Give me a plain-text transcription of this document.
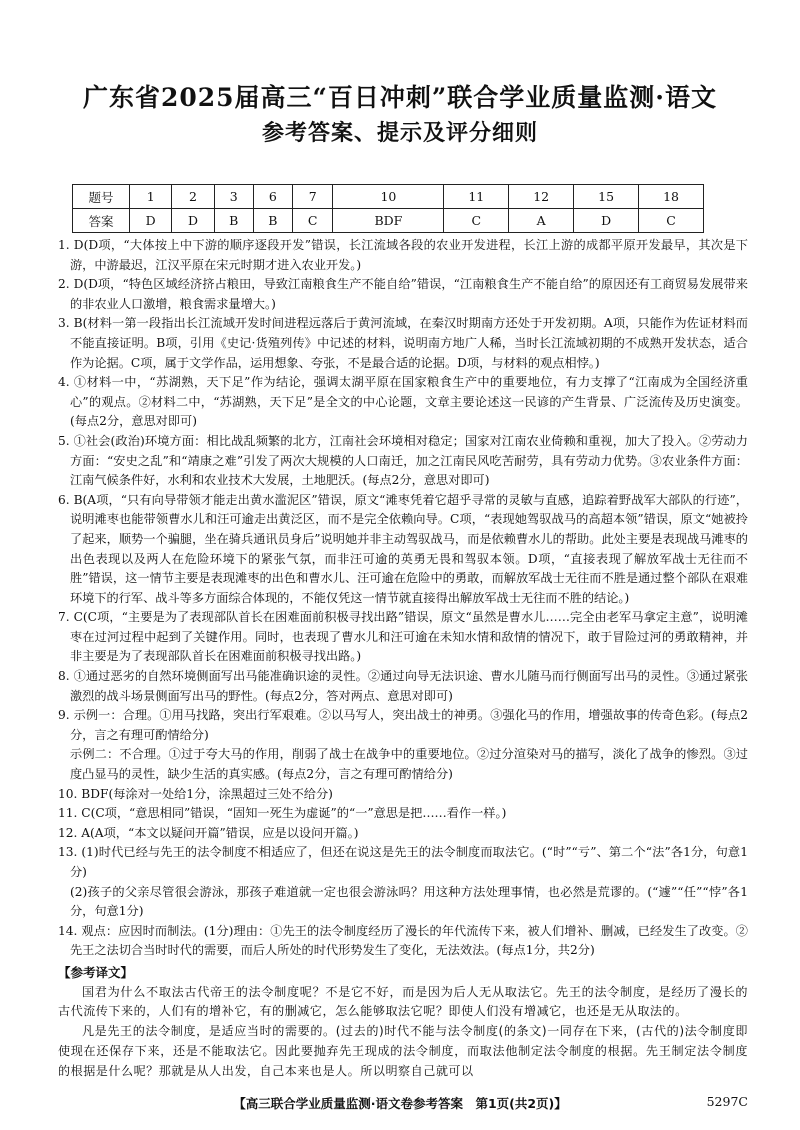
广东省2025届高三“百日冲刺”联合学业质量监测·语文
参考答案、提示及评分细则
题号	1	2	3	6	7	10	11	12	15	18
答案	D	D	B	B	C	BDF	C	A	D	C

1. D(D项，“大体按上中下游的顺序逐段开发”错误，长江流域各段的农业开发进程，长江上游的成都平原开发最早，其次是下游，中游最迟，江汉平原在宋元时期才进入农业开发。)

2. D(D项，“特色区域经济挤占粮田，导致江南粮食生产不能自给”错误，“江南粮食生产不能自给”的原因还有工商贸易发展带来的非农业人口激增，粮食需求量增大。)

3. B(材料一第一段指出长江流域开发时间进程远落后于黄河流域，在秦汉时期南方还处于开发初期。A项，只能作为佐证材料而不能直接证明。B项，引用《史记·货殖列传》中记述的材料，说明南方地广人稀，当时长江流域初期的不成熟开发状态，适合作为论据。C项，属于文学作品，运用想象、夸张，不是最合适的论据。D项，与材料的观点相悖。)

4. ①材料一中，“苏湖熟，天下足”作为结论，强调太湖平原在国家粮食生产中的重要地位，有力支撑了“江南成为全国经济重心”的观点。②材料二中，“苏湖熟，天下足”是全文的中心论题，文章主要论述这一民谚的产生背景、广泛流传及历史演变。(每点2分，意思对即可)

5. ①社会(政治)环境方面：相比战乱频繁的北方，江南社会环境相对稳定；国家对江南农业倚赖和重视，加大了投入。②劳动力方面：“安史之乱”和“靖康之难”引发了两次大规模的人口南迁，加之江南民风吃苦耐劳，具有劳动力优势。③农业条件方面：江南气候条件好，水利和农业技术大发展，土地肥沃。(每点2分，意思对即可)

6. B(A项，“只有向导带领才能走出黄水滥泥区”错误，原文“滩枣凭着它超乎寻常的灵敏与直感，追踪着野战军大部队的行迹”，说明滩枣也能带领曹水儿和汪可逾走出黄泛区，而不是完全依赖向导。C项，“表现她驾驭战马的高超本领”错误，原文“她被拎了起来，顺势一个骗腿，坐在骑兵通讯员身后”说明她并非主动驾驭战马，而是依赖曹水儿的帮助。此处主要是表现战马滩枣的出色表现以及两人在危险环境下的紧张气氛，而非汪可逾的英勇无畏和驾驭本领。D项，“直接表现了解放军战士无往而不胜”错误，这一情节主要是表现滩枣的出色和曹水儿、汪可逾在危险中的勇敢，而解放军战士无往而不胜是通过整个部队在艰难环境下的行军、战斗等多方面综合体现的，不能仅凭这一情节就直接得出解放军战士无往而不胜的结论。)

7. C(C项，“主要是为了表现部队首长在困难面前积极寻找出路”错误，原文“虽然是曹水儿……完全由老军马拿定主意”，说明滩枣在过河过程中起到了关键作用。同时，也表现了曹水儿和汪可逾在未知水情和敌情的情况下，敢于冒险过河的勇敢精神，并非主要是为了表现部队首长在困难面前积极寻找出路。)

8. ①通过恶劣的自然环境侧面写出马能准确识途的灵性。②通过向导无法识途、曹水儿随马而行侧面写出马的灵性。③通过紧张激烈的战斗场景侧面写出马的野性。(每点2分，答对两点、意思对即可)

9. 示例一：合理。①用马找路，突出行军艰难。②以马写人，突出战士的神勇。③强化马的作用，增强故事的传奇色彩。(每点2分，言之有理可酌情给分)

示例二：不合理。①过于夸大马的作用，削弱了战士在战争中的重要地位。②过分渲染对马的描写，淡化了战争的惨烈。③过度凸显马的灵性，缺少生活的真实感。(每点2分，言之有理可酌情给分)

10. BDF(每涂对一处给1分，涂黑超过三处不给分)

11. C(C项，“意思相同”错误，“固知一死生为虚诞”的“一”意思是把……看作一样。)

12. A(A项，“本文以疑问开篇”错误，应是以设问开篇。)

13. (1)时代已经与先王的法令制度不相适应了，但还在说这是先王的法令制度而取法它。(“时”“亏”、第二个“法”各1分，句意1分)

(2)孩子的父亲尽管很会游泳，那孩子难道就一定也很会游泳吗？用这种方法处理事情，也必然是荒谬的。(“遽”“任”“悖”各1分，句意1分)

14. 观点：应因时而制法。(1分)理由：①先王的法令制度经历了漫长的年代流传下来，被人们增补、删减，已经发生了改变。②先王之法切合当时时代的需要，而后人所处的时代形势发生了变化，无法效法。(每点1分，共2分)

【参考译文】

国君为什么不取法古代帝王的法令制度呢？不是它不好，而是因为后人无从取法它。先王的法令制度，是经历了漫长的古代流传下来的，人们有的增补它，有的删减它，怎么能够取法它呢？即使人们没有增减它，也还是无从取法的。

凡是先王的法令制度，是适应当时的需要的。(过去的)时代不能与法令制度(的条文)一同存在下来，(古代的)法令制度即使现在还保存下来，还是不能取法它。因此要抛弃先王现成的法令制度，而取法他制定法令制度的根据。先王制定法令制度的根据是什么呢？那就是从人出发，自己本来也是人。所以明察自己就可以

【高三联合学业质量监测·语文卷参考答案　第1页(共2页)】	5297C
